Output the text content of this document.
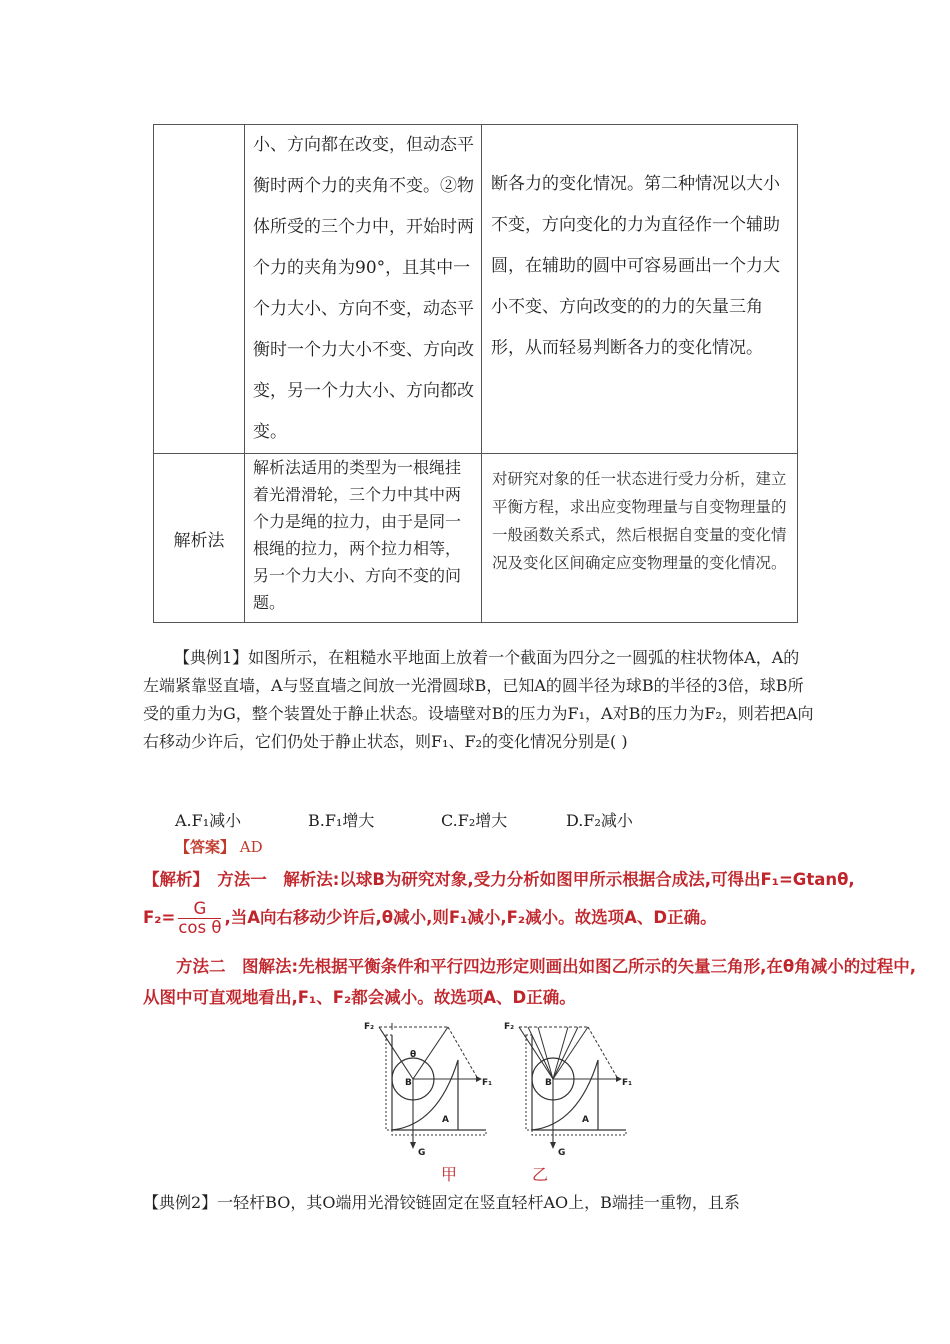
	小、方向都在改变，但动态平衡时两个力的夹角不变。②物体所受的三个力中，开始时两个力的夹角为90°，且其中一个力大小、方向不变，动态平衡时一个力大小不变、方向改变，另一个力大小、方向都改变。	断各力的变化情况。第二种情况以大小不变，方向变化的力为直径作一个辅助圆，在辅助的圆中可容易画出一个力大小不变、方向改变的的力的矢量三角形，从而轻易判断各力的变化情况。

解析法	解析法适用的类型为一根绳挂着光滑滑轮，三个力中其中两个力是绳的拉力，由于是同一根绳的拉力，两个拉力相等，另一个力大小、方向不变的问题。	对研究对象的任一状态进行受力分析，建立平衡方程，求出应变物理量与自变物理量的一般函数关系式，然后根据自变量的变化情况及变化区间确定应变物理量的变化情况。
【典例1】如图所示，在粗糙水平地面上放着一个截面为四分之一圆弧的柱状物体A，A的左端紧靠竖直墙，A与竖直墙之间放一光滑圆球B，已知A的圆半径为球B的半径的3倍，球B所受的重力为G，整个装置处于静止状态。设墙壁对B的压力为F₁，A对B的压力为F₂，则若把A向右移动少许后，它们仍处于静止状态，则F₁、F₂的变化情况分别是( )
A.F₁减小	B.F₁增大	C.F₂增大	D.F₂减小
【答案】 AD
【解析】　方法一　解析法:以球B为研究对象,受力分析如图甲所示根据合成法,可得出F₁=Gtanθ,
$F_2= \frac{G}{\text{cos θ}}$ ,当A向右移动少许后,θ减小,则F₁减小,F₂减小。故选项A、D正确。
方法二　图解法:先根据平衡条件和平行四边形定则画出如图乙所示的矢量三角形,在θ角减小的过程中,从图中可直观地看出,F₁、F₂都会减小。故选项A、D正确。
F₂
F₁
θ
B
A
G
F₂
F₁
B
A
G
甲	乙
【典例2】一轻杆BO，其O端用光滑铰链固定在竖直轻杆AO上，B端挂一重物，且系
